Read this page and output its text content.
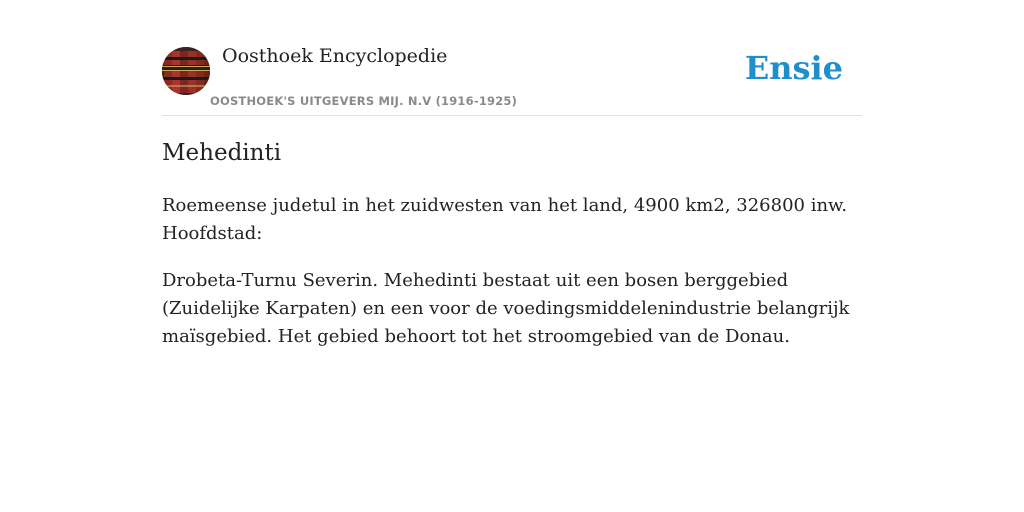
Oosthoek Encyclopedie
OOSTHOEK'S UITGEVERS MIJ. N.V (1916-1925)
Ensie
Mehedinti

Roemeense judetul in het zuidwesten van het land, 4900 km2, 326800 inw. Hoofdstad:

Drobeta-Turnu Severin. Mehedinti bestaat uit een bosen berggebied (Zuidelijke Karpaten) en een voor de voedingsmiddelenindustrie belangrijk maïsgebied. Het gebied behoort tot het stroomgebied van de Donau.
